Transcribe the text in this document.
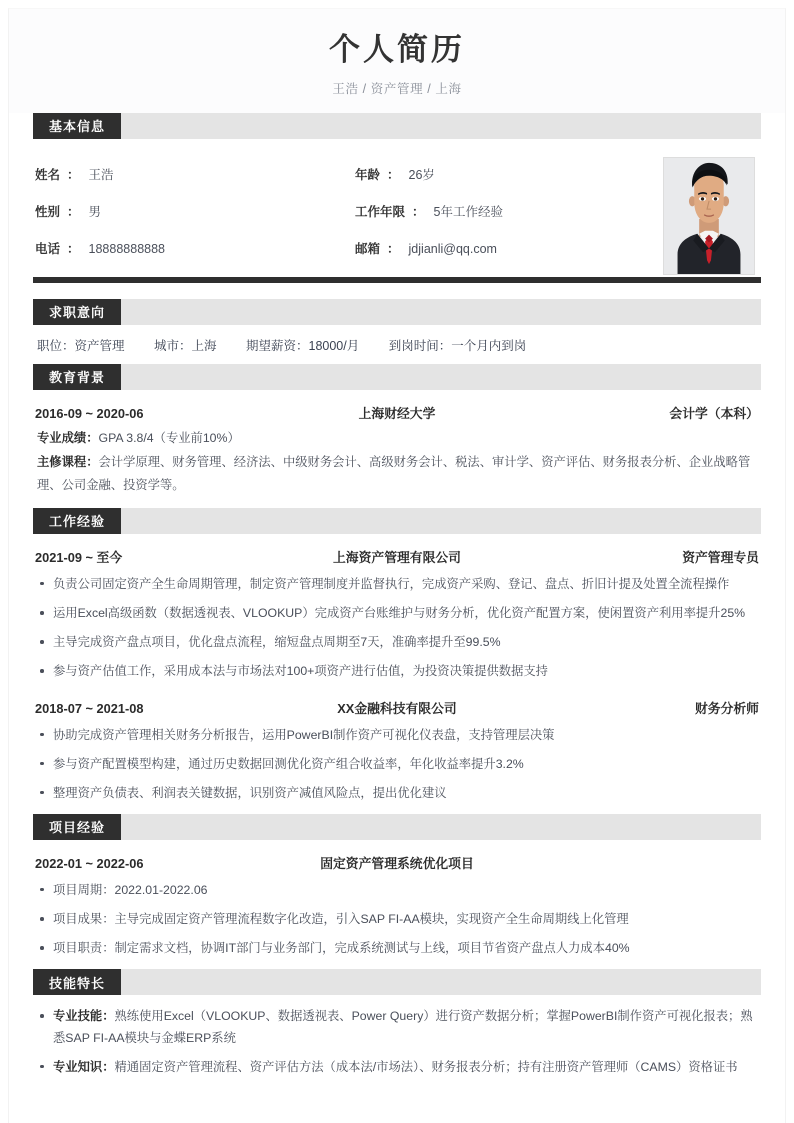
个人简历
王浩 / 资产管理 / 上海
基本信息
姓名 ： 王浩	年龄 ： 26岁
性别 ： 男	工作年限 ： 5年工作经验
电话 ： 18888888888	邮箱 ： jdjianli@qq.com
求职意向
职位：资产管理 城市：上海 期望薪资：18000/月 到岗时间：一个月内到岗
教育背景
2016-09 ~ 2020-06	上海财经大学	会计学（本科）
专业成绩：GPA 3.8/4（专业前10%）
主修课程：会计学原理、财务管理、经济法、中级财务会计、高级财务会计、税法、审计学、资产评估、财务报表分析、企业战略管理、公司金融、投资学等。
工作经验
2021-09 ~ 至今	上海资产管理有限公司	资产管理专员
负责公司固定资产全生命周期管理，制定资产管理制度并监督执行，完成资产采购、登记、盘点、折旧计提及处置全流程操作
运用Excel高级函数（数据透视表、VLOOKUP）完成资产台账维护与财务分析，优化资产配置方案，使闲置资产利用率提升25%
主导完成资产盘点项目，优化盘点流程，缩短盘点周期至7天，准确率提升至99.5%
参与资产估值工作，采用成本法与市场法对100+项资产进行估值，为投资决策提供数据支持
2018-07 ~ 2021-08	XX金融科技有限公司	财务分析师
协助完成资产管理相关财务分析报告，运用PowerBI制作资产可视化仪表盘，支持管理层决策
参与资产配置模型构建，通过历史数据回测优化资产组合收益率，年化收益率提升3.2%
整理资产负债表、利润表关键数据，识别资产减值风险点，提出优化建议
项目经验
2022-01 ~ 2022-06	固定资产管理系统优化项目
项目周期：2022.01-2022.06
项目成果：主导完成固定资产管理流程数字化改造，引入SAP FI-AA模块，实现资产全生命周期线上化管理
项目职责：制定需求文档，协调IT部门与业务部门，完成系统测试与上线，项目节省资产盘点人力成本40%
技能特长
专业技能：熟练使用Excel（VLOOKUP、数据透视表、Power Query）进行资产数据分析；掌握PowerBI制作资产可视化报表；熟悉SAP FI-AA模块与金蝶ERP系统
专业知识：精通固定资产管理流程、资产评估方法（成本法/市场法）、财务报表分析；持有注册资产管理师（CAMS）资格证书
